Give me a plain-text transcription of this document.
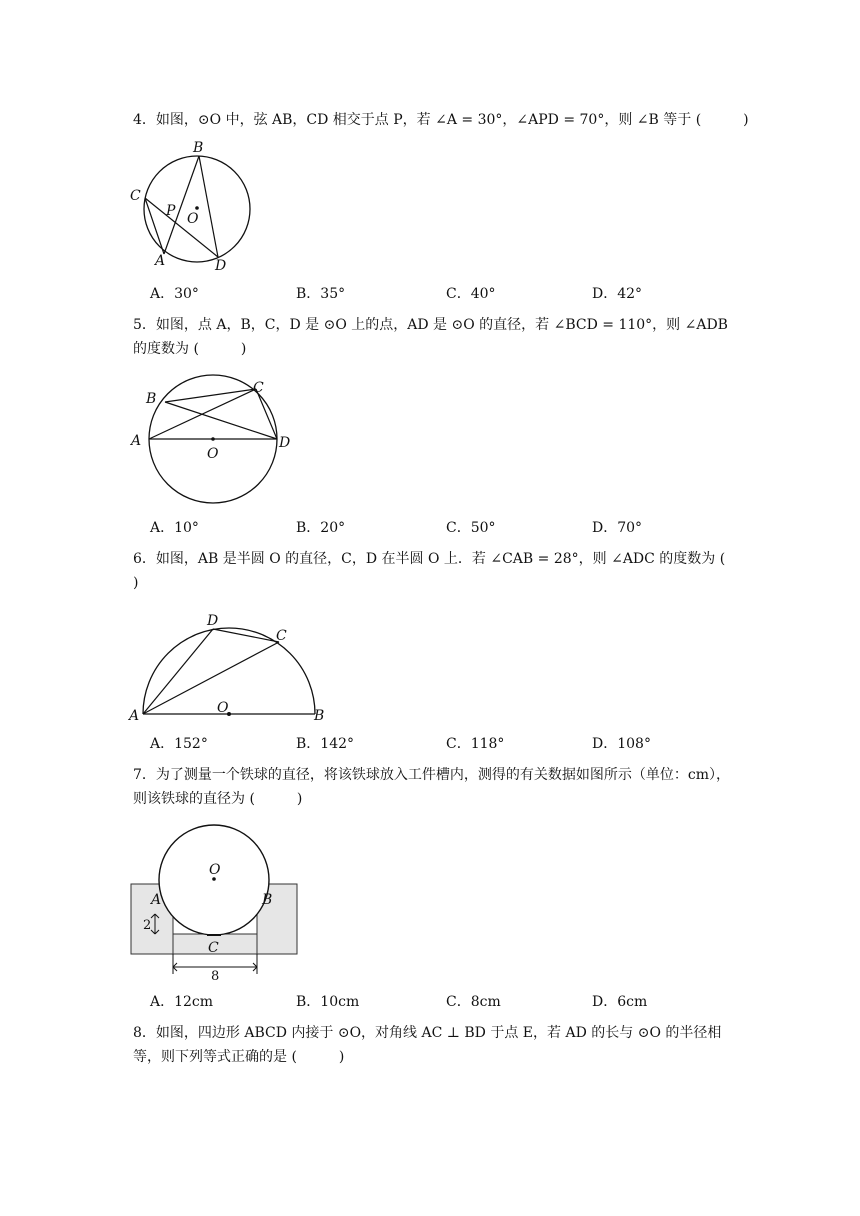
4．如图，⊙O 中，弦 AB，CD 相交于点 P，若 ∠A = 30°，∠APD = 70°，则 ∠B 等于 (　　　)
B
C
P O
A	D
A．30°	B．35°	C．40°	D．42°
5．如图，点 A，B，C，D 是 ⊙O 上的点，AD 是 ⊙O 的直径，若 ∠BCD = 110°，则 ∠ADB
的度数为 (　　　)
B
C
A	D
O
A．10°	B．20°	C．50°	D．70°
6．如图，AB 是半圆 O 的直径，C，D 在半圆 O 上．若 ∠CAB = 28°，则 ∠ADC 的度数为 (
)
D
C
A	O	B
A．152°	B．142°	C．118°	D．108°
7．为了测量一个铁球的直径，将该铁球放入工件槽内，测得的有关数据如图所示（单位：cm），
则该铁球的直径为 (　　　)
O
A	B
C
2
8
A．12cm	B．10cm	C．8cm	D．6cm
8．如图，四边形 ABCD 内接于 ⊙O，对角线 AC ⊥ BD 于点 E，若 AD 的长与 ⊙O 的半径相
等，则下列等式正确的是 (　　　)
